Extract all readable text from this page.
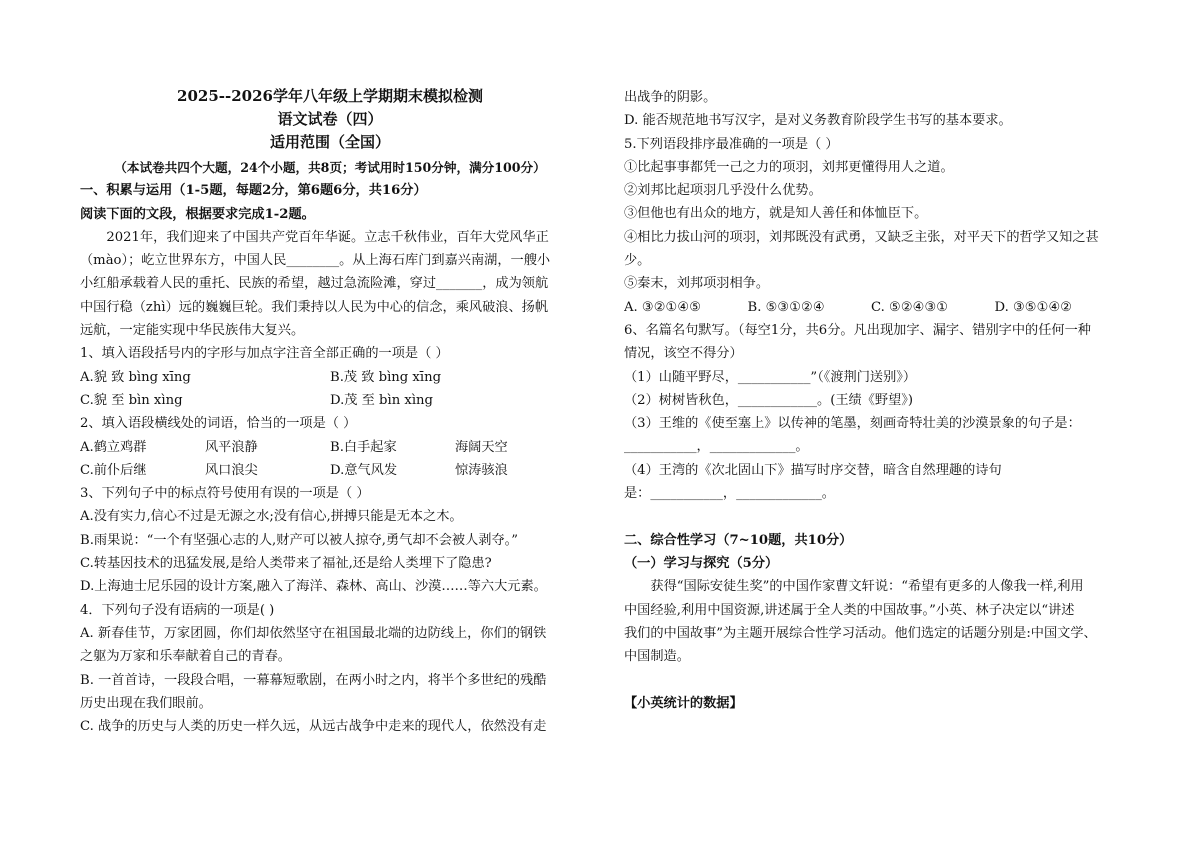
2025--2026学年八年级上学期期末模拟检测
语文试卷（四）
适用范围（全国）
（本试卷共四个大题，24个小题，共8页；考试用时150分钟，满分100分）
一、积累与运用（1-5题，每题2分，第6题6分，共16分）
阅读下面的文段，根据要求完成1-2题。
2021年，我们迎来了中国共产党百年华诞。立志千秋伟业，百年大党风华正
（mào）；屹立世界东方，中国人民________。从上海石库门到嘉兴南湖，一艘小
小红船承载着人民的重托、民族的希望，越过急流险滩，穿过_______，成为领航
中国行稳（zhì）远的巍巍巨轮。我们秉持以人民为中心的信念，乘风破浪、扬帆
远航，一定能实现中华民族伟大复兴。
1、填入语段括号内的字形与加点字注音全部正确的一项是（ ）
A.貌 致 bìng xīng	B.茂 致 bìng xīng
C.貌 至 bìn xìng	D.茂 至 bìn xìng
2、填入语段横线处的词语，恰当的一项是（ ）
A.鹤立鸡群	风平浪静	B.白手起家	海阔天空
C.前仆后继	风口浪尖	D.意气风发	惊涛骇浪
3、下列句子中的标点符号使用有误的一项是（ ）
A.没有实力,信心不过是无源之水;没有信心,拼搏只能是无本之木。
B.雨果说：“一个有坚强心志的人,财产可以被人掠夺,勇气却不会被人剥夺。”
C.转基因技术的迅猛发展,是给人类带来了福祉,还是给人类埋下了隐患?
D.上海迪士尼乐园的设计方案,融入了海洋、森林、高山、沙漠……等六大元素。
4．下列句子没有语病的一项是( )
A. 新春佳节，万家团圆，你们却依然坚守在祖国最北端的边防线上，你们的钢铁
之躯为万家和乐奉献着自己的青春。
B. 一首首诗，一段段合唱，一幕幕短歌剧，在两小时之内，将半个多世纪的残酷
历史出现在我们眼前。
C. 战争的历史与人类的历史一样久远，从远古战争中走来的现代人，依然没有走
出战争的阴影。
D. 能否规范地书写汉字，是对义务教育阶段学生书写的基本要求。
5.下列语段排序最准确的一项是（ ）
①比起事事都凭一己之力的项羽，刘邦更懂得用人之道。
②刘邦比起项羽几乎没什么优势。
③但他也有出众的地方，就是知人善任和体恤臣下。
④相比力拔山河的项羽，刘邦既没有武勇，又缺乏主张，对平天下的哲学又知之甚
少。
⑤秦末，刘邦项羽相争。
A. ③②①④⑤	B. ⑤③①②④	C. ⑤②④③①	D. ③⑤①④②
6、名篇名句默写。（每空1分，共6分。凡出现加字、漏字、错别字中的任何一种
情况，该空不得分）
（1）山随平野尽，___________”（《渡荆门送别》）
（2）树树皆秋色，____________。(王绩《野望》)
（3）王维的《使至塞上》以传神的笔墨，刻画奇特壮美的沙漠景象的句子是：
___________，_____________。
（4）王湾的《次北固山下》描写时序交替，暗含自然理趣的诗句
是：___________，_____________。
二、综合性学习（7~10题，共10分）
（一）学习与探究（5分）
获得“国际安徒生奖”的中国作家曹文轩说：“希望有更多的人像我一样,利用
中国经验,利用中国资源,讲述属于全人类的中国故事。”小英、林子决定以“讲述
我们的中国故事”为主题开展综合性学习活动。他们选定的话题分别是:中国文学、
中国制造。
【小英统计的数据】
